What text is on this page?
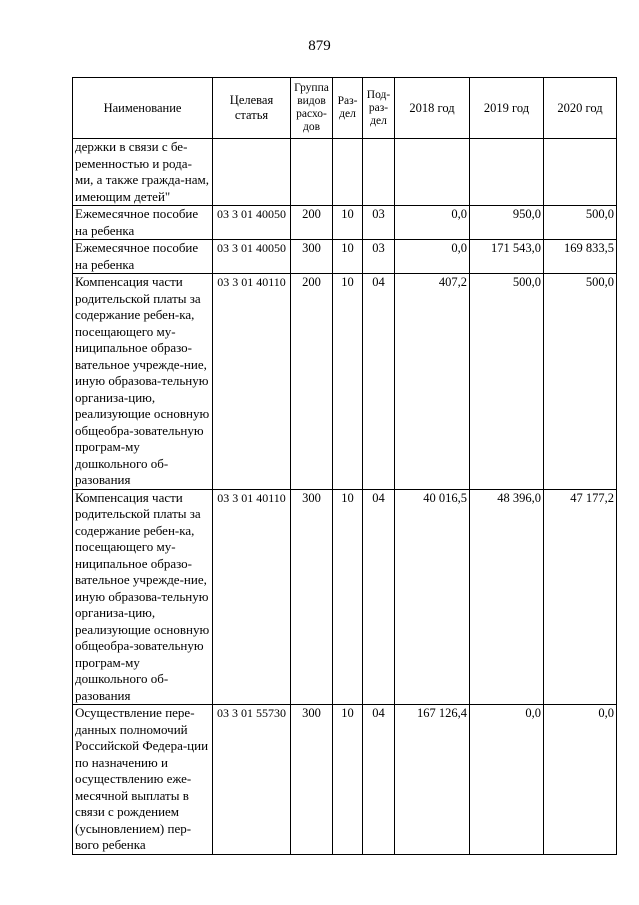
879
Наименование	Целевая статья	Группа видов расхо-дов	Раз-дел	Под-раз-дел	2018 год	2019 год	2020 год
держки в связи с бе-ременностью и рода-ми, а также гражда-нам, имеющим детей"							
Ежемесячное пособие на ребенка	03 3 01 40050	200	10	03	0,0	950,0	500,0
Ежемесячное пособие на ребенка	03 3 01 40050	300	10	03	0,0	171 543,0	169 833,5
Компенсация части родительской платы за содержание ребен-ка, посещающего му-ниципальное образо-вательное учрежде-ние, иную образова-тельную организа-цию, реализующие основную общеобра-зовательную програм-му дошкольного об-разования	03 3 01 40110	200	10	04	407,2	500,0	500,0
Компенсация части родительской платы за содержание ребен-ка, посещающего му-ниципальное образо-вательное учрежде-ние, иную образова-тельную организа-цию, реализующие основную общеобра-зовательную програм-му дошкольного об-разования	03 3 01 40110	300	10	04	40 016,5	48 396,0	47 177,2
Осуществление пере-данных полномочий Российской Федера-ции по назначению и осуществлению еже-месячной выплаты в связи с рождением (усыновлением) пер-вого ребенка	03 3 01 55730	300	10	04	167 126,4	0,0	0,0
